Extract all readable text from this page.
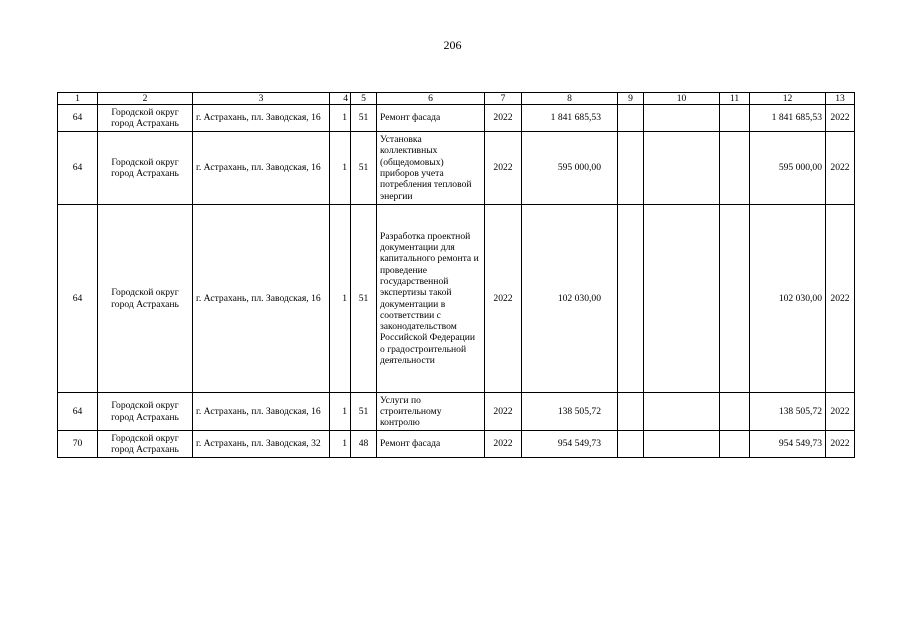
206
1	2	3	4	5	6	7	8	9	10	11	12	13
64	Городской округ город Астрахань	г. Астрахань, пл. Заводская, 16	1	51	Ремонт фасада	2022	1 841 685,53				1 841 685,53	2022
64	Городской округ город Астрахань	г. Астрахань, пл. Заводская, 16	1	51	Установка коллективных (общедомовых) приборов учета потребления тепловой энергии	2022	595 000,00				595 000,00	2022
64	Городской округ город Астрахань	г. Астрахань, пл. Заводская, 16	1	51	Разработка проектной документации для капитального ремонта и проведение государственной экспертизы такой документации в соответствии с законодательством Российской Федерации о градостроительной деятельности	2022	102 030,00				102 030,00	2022
64	Городской округ город Астрахань	г. Астрахань, пл. Заводская, 16	1	51	Услуги по строительному контролю	2022	138 505,72				138 505,72	2022
70	Городской округ город Астрахань	г. Астрахань, пл. Заводская, 32	1	48	Ремонт фасада	2022	954 549,73				954 549,73	2022
